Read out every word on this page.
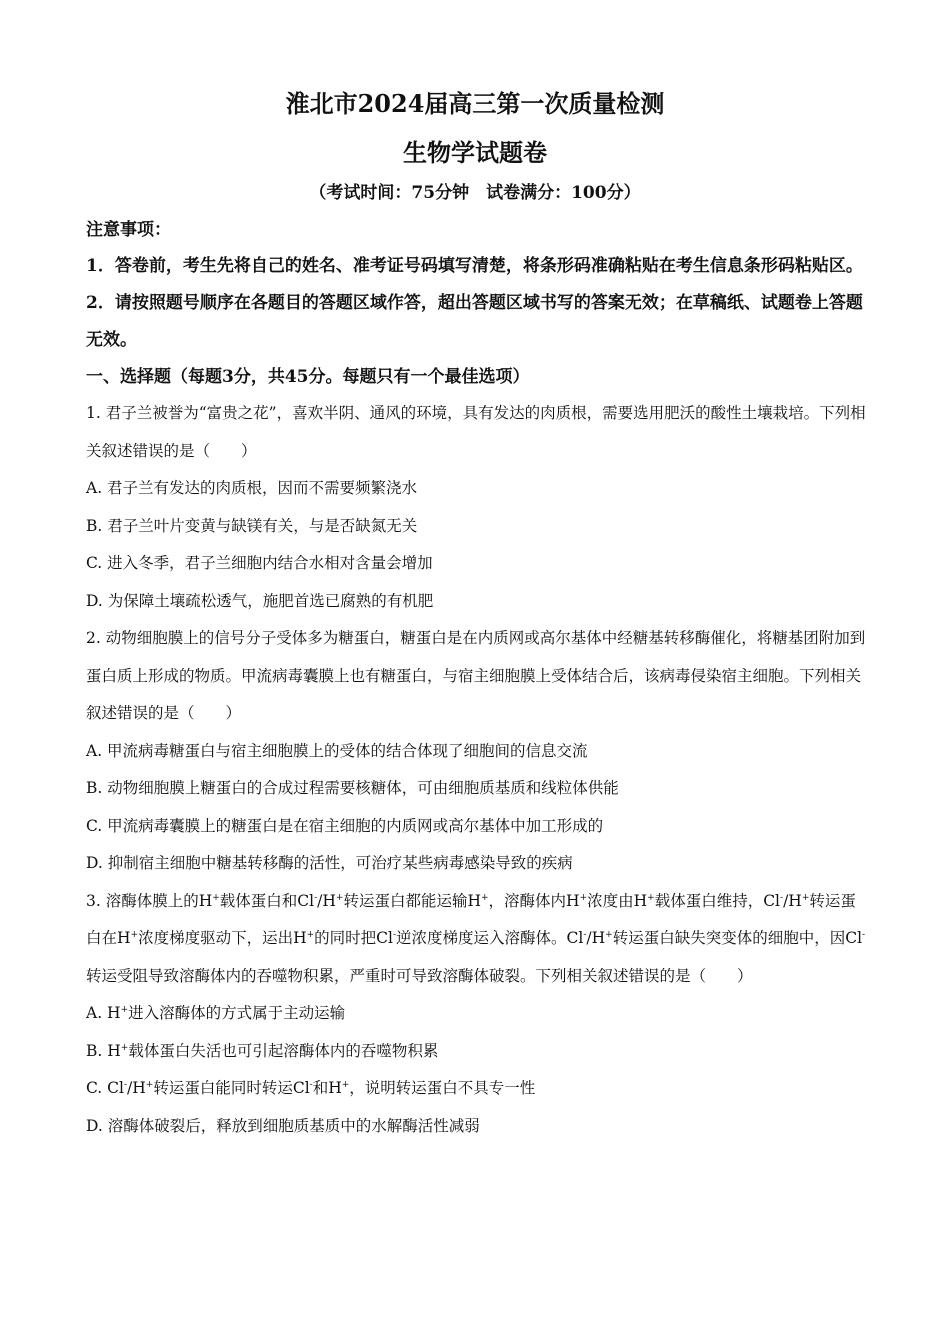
淮北市2024届高三第一次质量检测
生物学试题卷
（考试时间：75分钟　试卷满分：100分）

注意事项：

1．答卷前，考生先将自己的姓名、准考证号码填写清楚，将条形码准确粘贴在考生信息条形码粘贴区。

2．请按照题号顺序在各题目的答题区域作答，超出答题区域书写的答案无效；在草稿纸、试题卷上答题无效。

一、选择题（每题3分，共45分。每题只有一个最佳选项）

1. 君子兰被誉为“富贵之花”，喜欢半阴、通风的环境，具有发达的肉质根，需要选用肥沃的酸性土壤栽培。下列相关叙述错误的是（　　）

A. 君子兰有发达的肉质根，因而不需要频繁浇水

B. 君子兰叶片变黄与缺镁有关，与是否缺氮无关

C. 进入冬季，君子兰细胞内结合水相对含量会增加

D. 为保障土壤疏松透气，施肥首选已腐熟的有机肥

2. 动物细胞膜上的信号分子受体多为糖蛋白，糖蛋白是在内质网或高尔基体中经糖基转移酶催化，将糖基团附加到蛋白质上形成的物质。甲流病毒囊膜上也有糖蛋白，与宿主细胞膜上受体结合后，该病毒侵染宿主细胞。下列相关叙述错误的是（　　）

A. 甲流病毒糖蛋白与宿主细胞膜上的受体的结合体现了细胞间的信息交流

B. 动物细胞膜上糖蛋白的合成过程需要核糖体，可由细胞质基质和线粒体供能

C. 甲流病毒囊膜上的糖蛋白是在宿主细胞的内质网或高尔基体中加工形成的

D. 抑制宿主细胞中糖基转移酶的活性，可治疗某些病毒感染导致的疾病

3. 溶酶体膜上的H+载体蛋白和Cl-/H+转运蛋白都能运输H+，溶酶体内H+浓度由H+载体蛋白维持，Cl-/H+转运蛋白在H+浓度梯度驱动下，运出H+的同时把Cl-逆浓度梯度运入溶酶体。Cl-/H+转运蛋白缺失突变体的细胞中，因Cl-转运受阻导致溶酶体内的吞噬物积累，严重时可导致溶酶体破裂。下列相关叙述错误的是（　　）

A. H+进入溶酶体的方式属于主动运输

B. H+载体蛋白失活也可引起溶酶体内的吞噬物积累

C. Cl-/H+转运蛋白能同时转运Cl-和H+，说明转运蛋白不具专一性

D. 溶酶体破裂后，释放到细胞质基质中的水解酶活性减弱
